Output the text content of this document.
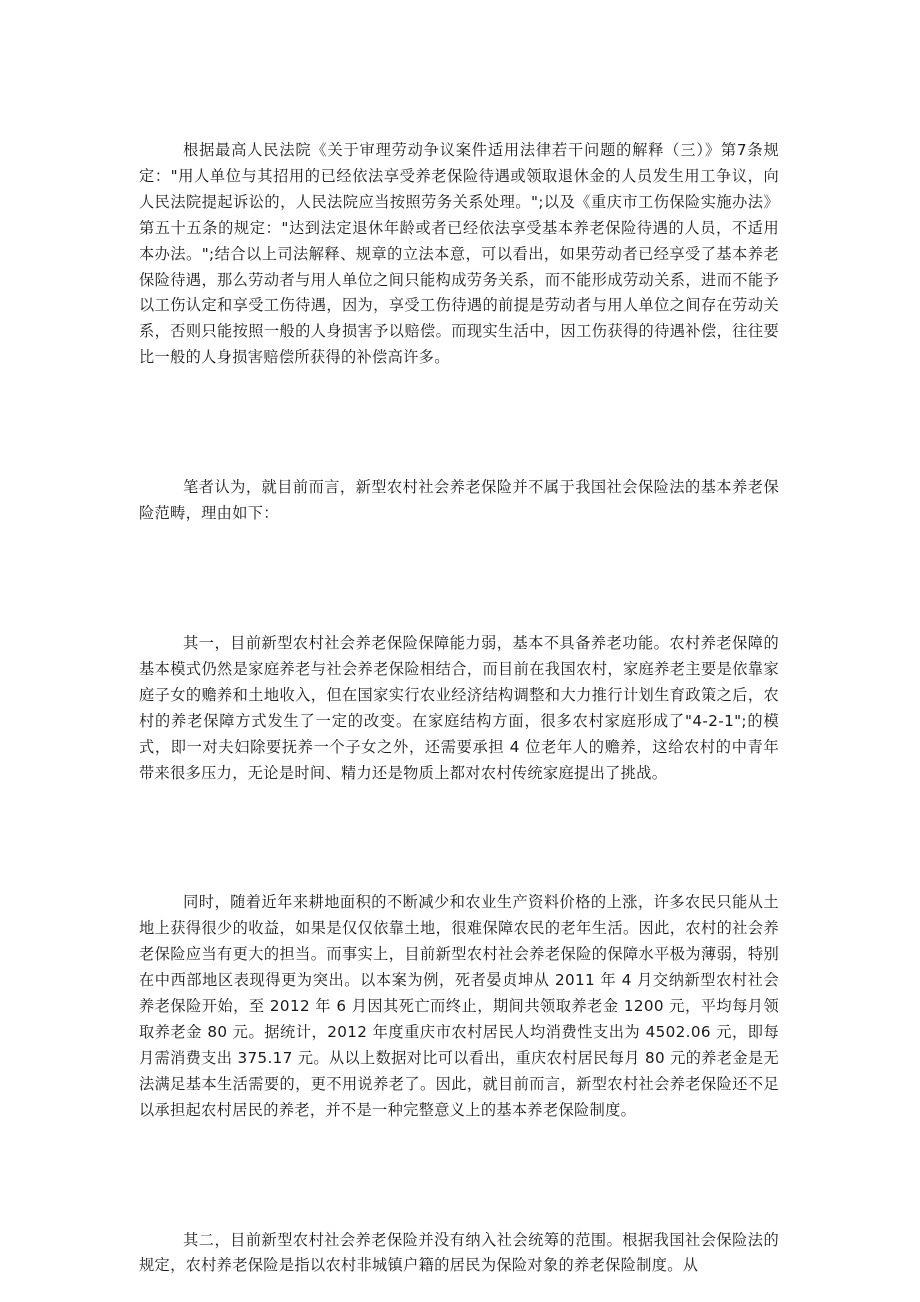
根据最高人民法院《关于审理劳动争议案件适用法律若干问题的解释（三）》第7条规定："用人单位与其招用的已经依法享受养老保险待遇或领取退休金的人员发生用工争议，向人民法院提起诉讼的，人民法院应当按照劳务关系处理。";以及《重庆市工伤保险实施办法》第五十五条的规定："达到法定退休年龄或者已经依法享受基本养老保险待遇的人员，不适用本办法。";结合以上司法解释、规章的立法本意，可以看出，如果劳动者已经享受了基本养老保险待遇，那么劳动者与用人单位之间只能构成劳务关系，而不能形成劳动关系，进而不能予以工伤认定和享受工伤待遇，因为，享受工伤待遇的前提是劳动者与用人单位之间存在劳动关系，否则只能按照一般的人身损害予以赔偿。而现实生活中，因工伤获得的待遇补偿，往往要比一般的人身损害赔偿所获得的补偿高许多。

笔者认为，就目前而言，新型农村社会养老保险并不属于我国社会保险法的基本养老保险范畴，理由如下：

其一，目前新型农村社会养老保险保障能力弱，基本不具备养老功能。农村养老保障的基本模式仍然是家庭养老与社会养老保险相结合，而目前在我国农村，家庭养老主要是依靠家庭子女的赡养和土地收入，但在国家实行农业经济结构调整和大力推行计划生育政策之后，农村的养老保障方式发生了一定的改变。在家庭结构方面，很多农村家庭形成了"4-2-1";的模式，即一对夫妇除要抚养一个子女之外，还需要承担 4 位老年人的赡养，这给农村的中青年带来很多压力，无论是时间、精力还是物质上都对农村传统家庭提出了挑战。

同时，随着近年来耕地面积的不断减少和农业生产资料价格的上涨，许多农民只能从土地上获得很少的收益，如果是仅仅依靠土地，很难保障农民的老年生活。因此，农村的社会养老保险应当有更大的担当。而事实上，目前新型农村社会养老保险的保障水平极为薄弱，特别在中西部地区表现得更为突出。以本案为例，死者晏贞坤从 2011 年 4 月交纳新型农村社会养老保险开始，至 2012 年 6 月因其死亡而终止，期间共领取养老金 1200 元，平均每月领取养老金 80 元。据统计，2012 年度重庆市农村居民人均消费性支出为 4502.06 元，即每月需消费支出 375.17 元。从以上数据对比可以看出，重庆农村居民每月 80 元的养老金是无法满足基本生活需要的，更不用说养老了。因此，就目前而言，新型农村社会养老保险还不足以承担起农村居民的养老，并不是一种完整意义上的基本养老保险制度。

其二，目前新型农村社会养老保险并没有纳入社会统筹的范围。根据我国社会保险法的规定，农村养老保险是指以农村非城镇户籍的居民为保险对象的养老保险制度。从
